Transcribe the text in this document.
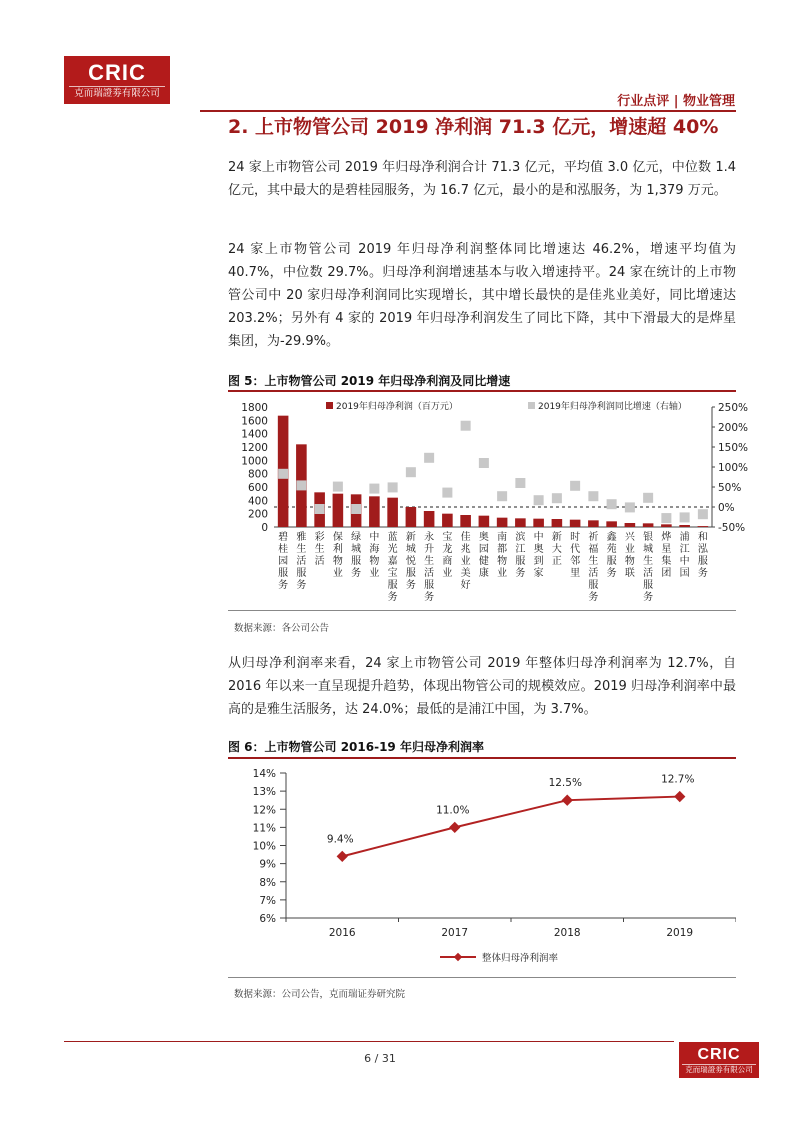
CRIC
克而瑞證劵有限公司
行业点评 | 物业管理
2. 上市物管公司 2019 净利润 71.3 亿元，增速超 40%
24 家上市物管公司 2019 年归母净利润合计 71.3 亿元，平均值 3.0 亿元，中位数 1.4 亿元，其中最大的是碧桂园服务，为 16.7 亿元，最小的是和泓服务，为 1,379 万元。
24 家上市物管公司 2019 年归母净利润整体同比增速达 46.2%，增速平均值为 40.7%，中位数 29.7%。归母净利润增速基本与收入增速持平。24 家在统计的上市物管公司中 20 家归母净利润同比实现增长，其中增长最快的是佳兆业美好，同比增速达 203.2%；另外有 4 家的 2019 年归母净利润发生了同比下降，其中下滑最大的是烨星集团，为-29.9%。
图 5：上市物管公司 2019 年归母净利润及同比增速
0
200
400
600
800
1000
1200
1400
1600
1800
-50%
0%
50%
100%
150%
200%
250%
碧桂园服务
雅生活服务
彩生活
保利物业
绿城服务
中海物业
蓝光嘉宝服务
新城悦服务
永升生活服务
宝龙商业
佳兆业美好
奥园健康
南都物业
滨江服务
中奥到家
新大正
时代邻里
祈福生活服务
鑫苑服务
兴业物联
银城生活服务
烨星集团
浦江中国
和泓服务
2019年归母净利润（百万元）	2019年归母净利润同比增速（右轴）
数据来源：各公司公告
从归母净利润率来看，24 家上市物管公司 2019 年整体归母净利润率为 12.7%，自 2016 年以来一直呈现提升趋势，体现出物管公司的规模效应。2019 归母净利润率中最高的是雅生活服务，达 24.0%；最低的是浦江中国，为 3.7%。
图 6：上市物管公司 2016-19 年归母净利润率
6%
7%
8%
9%
10%
11%
12%
13%
14%
2016	2017	2018	2019
9.4%
11.0%
12.5%	12.7%
整体归母净利润率
数据来源：公司公告，克而瑞证券研究院
6 / 31	CRIC
克而瑞證劵有限公司
